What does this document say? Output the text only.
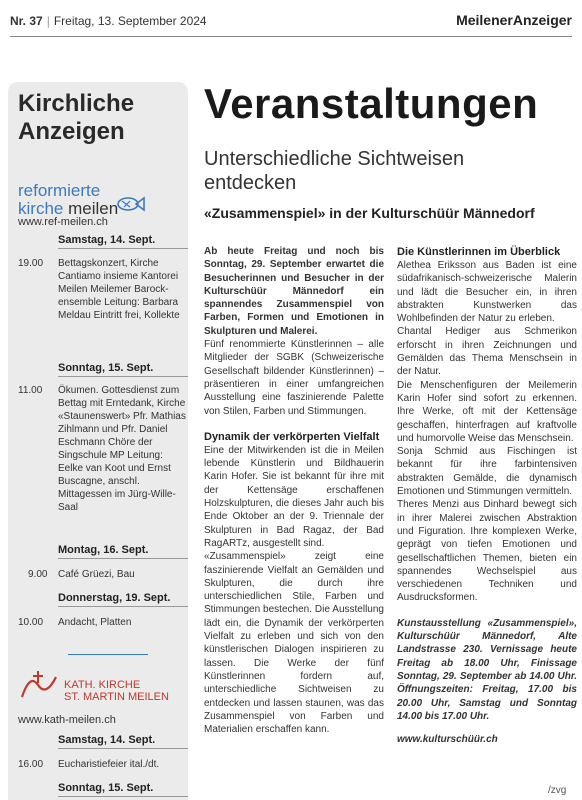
Nr. 37 | Freitag, 13. September 2024	MeilenerAnzeiger
Kirchliche
Anzeigen
reformierte
kirche meilen
www.ref-meilen.ch
Samstag, 14. Sept.
19.00	Bettagskonzert, Kirche Cantiamo insieme Kantorei Meilen Meilemer Barock-ensemble Leitung: Barbara Meldau Eintritt frei, Kollekte
Sonntag, 15. Sept.
11.00	Ökumen. Gottesdienst zum Bettag mit Erntedank, Kirche «Staunenswert» Pfr. Mathias Zihlmann und Pfr. Daniel Eschmann Chöre der Singschule MP Leitung: Eelke van Koot und Ernst Buscagne, anschl. Mittagessen im Jürg-Wille-Saal
Montag, 16. Sept.
9.00	Café Grüezi, Bau
Donnerstag, 19. Sept.
10.00	Andacht, Platten
KATH. KIRCHE
ST. MARTIN MEILEN
www.kath-meilen.ch
Samstag, 14. Sept.
16.00	Eucharistiefeier ital./dt.
Sonntag, 15. Sept.
Veranstaltungen
Unterschiedliche Sichtweisen entdecken
«Zusammenspiel» in der Kulturschüür Männedorf

Ab heute Freitag und noch bis Sonntag, 29. September erwartet die Besucherinnen und Besucher in der Kulturschüür Männedorf ein spannendes Zusammenspiel von Farben, Formen und Emotionen in Skulpturen und Malerei.

Fünf renommierte Künstlerinnen – alle Mitglieder der SGBK (Schweizerische Gesellschaft bildender Künstlerinnen) – präsentieren in einer umfangreichen Ausstellung eine faszinierende Palette von Stilen, Farben und Stimmungen.

Dynamik der verkörperten Vielfalt

Eine der Mitwirkenden ist die in Meilen lebende Künstlerin und Bildhauerin Karin Hofer. Sie ist bekannt für ihre mit der Kettensäge erschaffenen Holzskulpturen, die dieses Jahr auch bis Ende Oktober an der 9. Triennale der Skulpturen in Bad Ragaz, der Bad RagARTz, ausgestellt sind.

«Zusammenspiel» zeigt eine faszinierende Vielfalt an Gemälden und Skulpturen, die durch ihre unterschiedlichen Stile, Farben und Stimmungen bestechen. Die Ausstellung lädt ein, die Dynamik der verkörperten Vielfalt zu erleben und sich von den künstlerischen Dialogen inspirieren zu lassen. Die Werke der fünf Künstlerinnen fordern auf, unterschiedliche Sichtweisen zu entdecken und lassen staunen, was das Zusammenspiel von Farben und Materialien erschaffen kann.

Die Künstlerinnen im Überblick

Alethea Eriksson aus Baden ist eine südafrikanisch-schweizerische Malerin und lädt die Besucher ein, in ihren abstrakten Kunstwerken das Wohlbefinden der Natur zu erleben.

Chantal Hediger aus Schmerikon erforscht in ihren Zeichnungen und Gemälden das Thema Menschsein in der Natur.

Die Menschenfiguren der Meilemerin Karin Hofer sind sofort zu erkennen. Ihre Werke, oft mit der Kettensäge geschaffen, hinterfragen auf kraftvolle und humorvolle Weise das Menschsein.

Sonja Schmid aus Fischingen ist bekannt für ihre farbintensiven abstrakten Gemälde, die dynamisch Emotionen und Stimmungen vermitteln.

Theres Menzi aus Dinhard bewegt sich in ihrer Malerei zwischen Abstraktion und Figuration. Ihre komplexen Werke, geprägt von tiefen Emotionen und gesellschaftlichen Themen, bieten ein spannendes Wechselspiel aus verschiedenen Techniken und Ausdrucksformen.

Kunstausstellung «Zusammenspiel», Kulturschüür Männedorf, Alte Landstrasse 230. Vernissage heute Freitag ab 18.00 Uhr, Finissage Sonntag, 29. September ab 14.00 Uhr. Öffnungszeiten: Freitag, 17.00 bis 20.00 Uhr, Samstag und Sonntag 14.00 bis 17.00 Uhr.

www.kulturschüür.ch

/zvg
